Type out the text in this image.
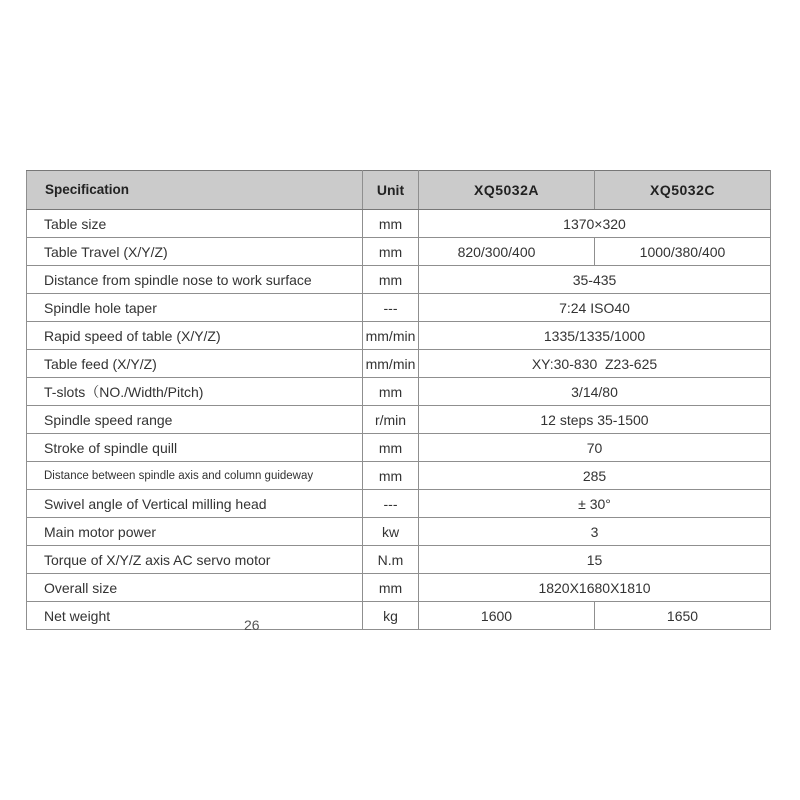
Specification	Unit	XQ5032A	XQ5032C
Table size	mm	1370×320	
Table Travel (X/Y/Z)	mm	820/300/400	1000/380/400
Distance from spindle nose to work surface	mm	35-435	
Spindle hole taper	---	7:24 ISO40	
Rapid speed of table (X/Y/Z)	mm/min	1335/1335/1000	
Table feed (X/Y/Z)	mm/min	XY:30-830  Z23-625	
T-slots（NO./Width/Pitch)	mm	3/14/80	
Spindle speed range	r/min	12 steps 35-1500	
Stroke of spindle quill	mm	70	
Distance between spindle axis and column guideway	mm	285	
Swivel angle of Vertical milling head	---	± 30°	
Main motor power	kw	3	
Torque of X/Y/Z axis AC servo motor	N.m	15	
Overall size	mm	1820X1680X1810	
Net weight	kg	1600	1650
26
